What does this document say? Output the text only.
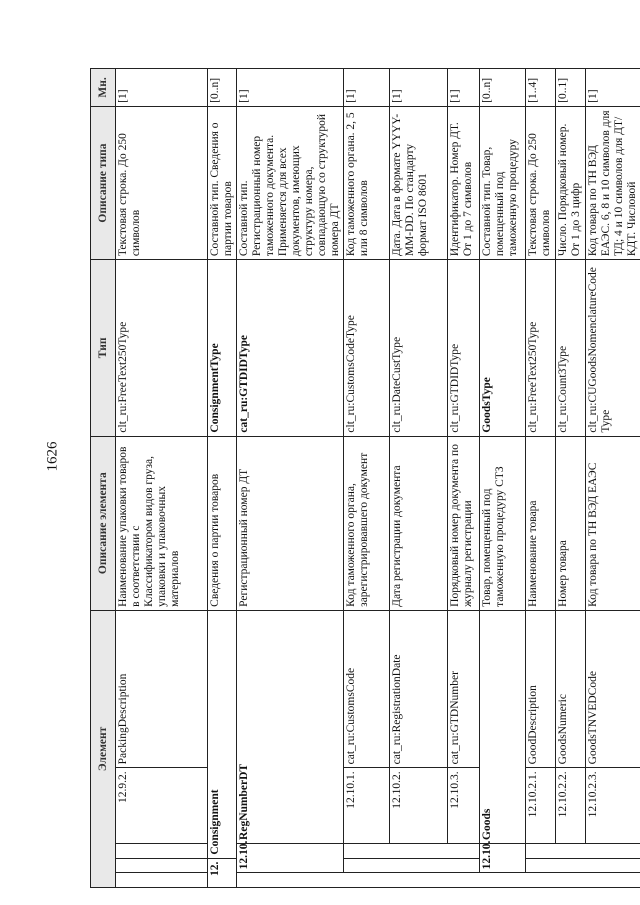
1626
Элемент					Описание элемента	Тип	Описание типа	Мн.
			12.9.2.	PackingDescription	Наименование упаковки товаров в соответствии с Классификатором видов груза, упаковки и упаковочных материалов	clt_ru:FreeText250Type	Текстовая строка. До 250 символов	[1]
12.		Consignment			Сведения о партии товаров	ConsignmentType	Составной тип. Сведения о партии товаров	[0..n]
	12.10.		RegNumberDT		Регистрационный номер ДТ	cat_ru:GTDIDType	Составной тип. Регистрационный номер таможенного документа. Применяется для всех документов, имеющих структуру номера, совпадающую со структурой номера ДТ	[1]
			12.10.1.	cat_ru:CustomsCode	Код таможенного органа, зарегистрировавшего документ	clt_ru:CustomsCodeType	Код таможенного органа. 2, 5 или 8 символов	[1]
			12.10.2.	cat_ru:RegistrationDate	Дата регистрации документа	clt_ru:DateCustType	Дата. Дата в формате YYYY-MM-DD. По стандарту формат ISO 8601	[1]
			12.10.3.	cat_ru:GTDNumber	Порядковый номер документа по журналу регистрации	clt_ru:GTDIDType	Идентификатор. Номер ДТ. От 1 до 7 символов	[1]
	12.10.		Goods		Товар, помещенный под таможенную процедуру СТЗ	GoodsType	Составной тип. Товар, помещенный под таможенную процедуру	[0..n]
			12.10.2.1.	GoodDescription	Наименование товара	clt_ru:FreeText250Type	Текстовая строка. До 250 символов	[1..4]
			12.10.2.2.	GoodsNumeric	Номер товара	clt_ru:Count3Type	Число. Порядковый номер. От 1 до 3 цифр	[0..1]
			12.10.2.3.	GoodsTNVEDCode	Код товара по ТН ВЭД ЕАЭС	clt_ru:CUGoodsNomenclatureCodeType	Код товара по ТН ВЭД ЕАЭС. 6, 8 и 10 символов для ТД; 4 и 10 символов для ДТ/КДТ. Числовой	[1]
